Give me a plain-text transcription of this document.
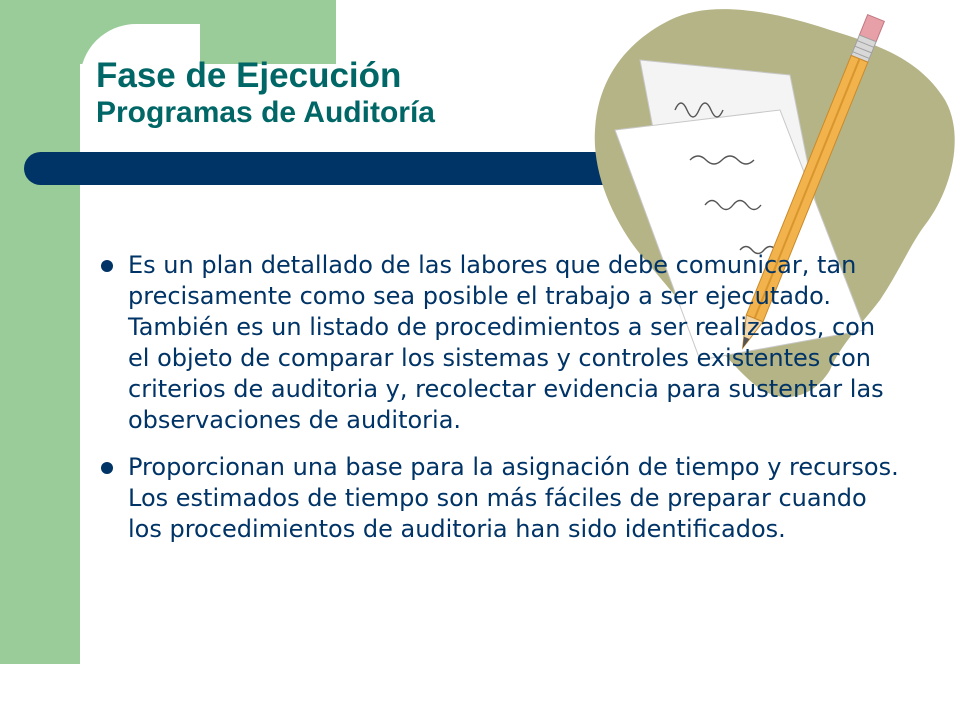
Fase de Ejecución
Programas de Auditoría
Es un plan detallado de las labores que debe comunicar, tan precisamente como sea posible el trabajo a ser ejecutado. También es un listado de procedimientos a ser realizados, con el objeto de comparar los sistemas y controles existentes con criterios de auditoria y, recolectar evidencia para sustentar las observaciones de auditoria.
Proporcionan una base para la asignación de tiempo y recursos. Los estimados de tiempo son más fáciles de preparar cuando los procedimientos de auditoria han sido identificados.
